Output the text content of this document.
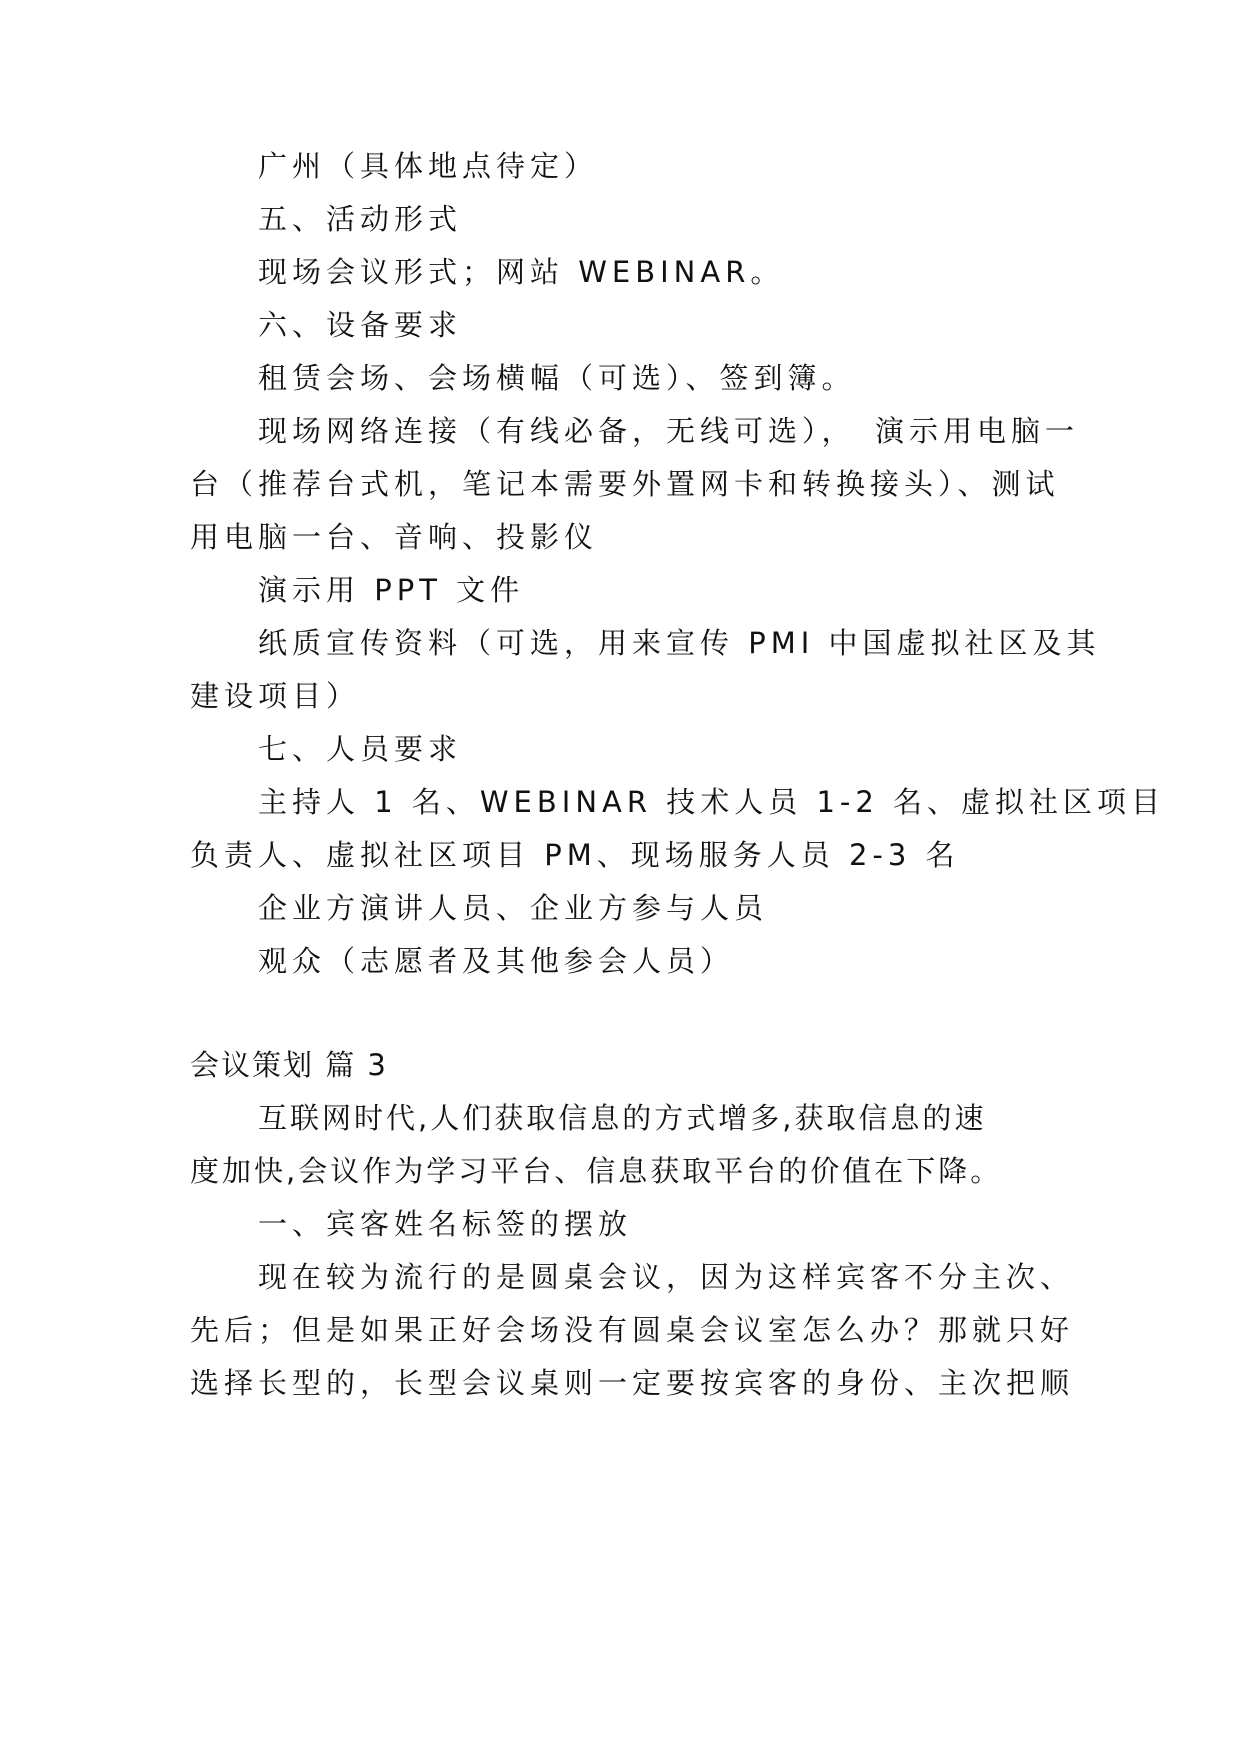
广州（具体地点待定）

五、活动形式

现场会议形式；网站 WEBINAR。

六、设备要求

租赁会场、会场横幅（可选）、签到簿。

现场网络连接（有线必备，无线可选），　演示用电脑一

台（推荐台式机，笔记本需要外置网卡和转换接头）、测试

用电脑一台、音响、投影仪

演示用 PPT 文件

纸质宣传资料（可选，用来宣传 PMI 中国虚拟社区及其

建设项目）

七、人员要求

主持人 1 名、WEBINAR 技术人员 1-2 名、虚拟社区项目

负责人、虚拟社区项目 PM、现场服务人员 2-3 名

企业方演讲人员、企业方参与人员

观众（志愿者及其他参会人员）

会议策划 篇 3

互联网时代,人们获取信息的方式增多,获取信息的速

度加快,会议作为学习平台、信息获取平台的价值在下降。

一、宾客姓名标签的摆放

现在较为流行的是圆桌会议，因为这样宾客不分主次、

先后；但是如果正好会场没有圆桌会议室怎么办？那就只好

选择长型的，长型会议桌则一定要按宾客的身份、主次把顺
